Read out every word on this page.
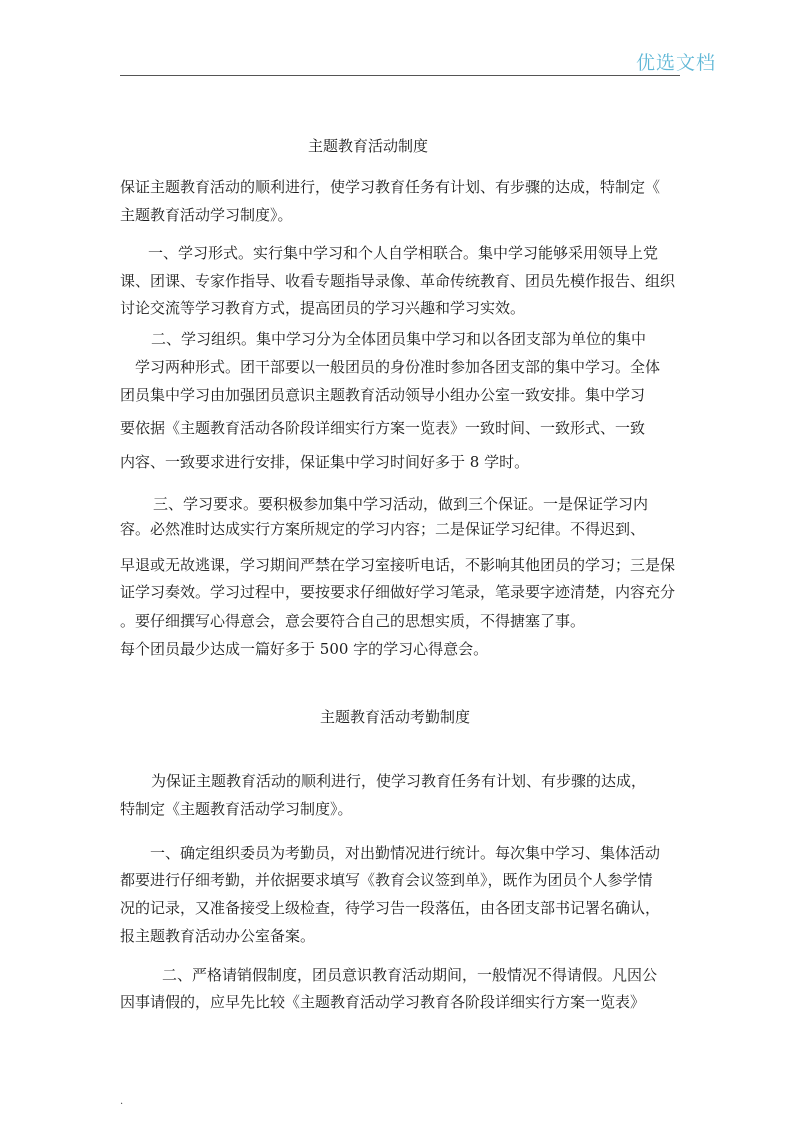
优选文档
主题教育活动制度
保证主题教育活动的顺利进行，使学习教育任务有计划、有步骤的达成，特制定《
主题教育活动学习制度》。
一、学习形式。实行集中学习和个人自学相联合。集中学习能够采用领导上党
课、团课、专家作指导、收看专题指导录像、革命传统教育、团员先模作报告、组织
讨论交流等学习教育方式，提高团员的学习兴趣和学习实效。
二、学习组织。集中学习分为全体团员集中学习和以各团支部为单位的集中
学习两种形式。团干部要以一般团员的身份准时参加各团支部的集中学习。全体
团员集中学习由加强团员意识主题教育活动领导小组办公室一致安排。集中学习
要依据《主题教育活动各阶段详细实行方案一览表》一致时间、一致形式、一致
内容、一致要求进行安排，保证集中学习时间好多于 8 学时。
三、学习要求。要积极参加集中学习活动，做到三个保证。一是保证学习内
容。必然准时达成实行方案所规定的学习内容；二是保证学习纪律。不得迟到、
早退或无故逃课，学习期间严禁在学习室接听电话，不影响其他团员的学习；三是保
证学习奏效。学习过程中，要按要求仔细做好学习笔录，笔录要字迹清楚，内容充分
。要仔细撰写心得意会，意会要符合自己的思想实质，不得搪塞了事。
每个团员最少达成一篇好多于 500 字的学习心得意会。
主题教育活动考勤制度
为保证主题教育活动的顺利进行，使学习教育任务有计划、有步骤的达成，
特制定《主题教育活动学习制度》。
一、确定组织委员为考勤员，对出勤情况进行统计。每次集中学习、集体活动
都要进行仔细考勤，并依据要求填写《教育会议签到单》，既作为团员个人参学情
况的记录，又准备接受上级检查，待学习告一段落伍，由各团支部书记署名确认，
报主题教育活动办公室备案。
二、严格请销假制度，团员意识教育活动期间，一般情况不得请假。凡因公
因事请假的，应早先比较《主题教育活动学习教育各阶段详细实行方案一览表》
.
